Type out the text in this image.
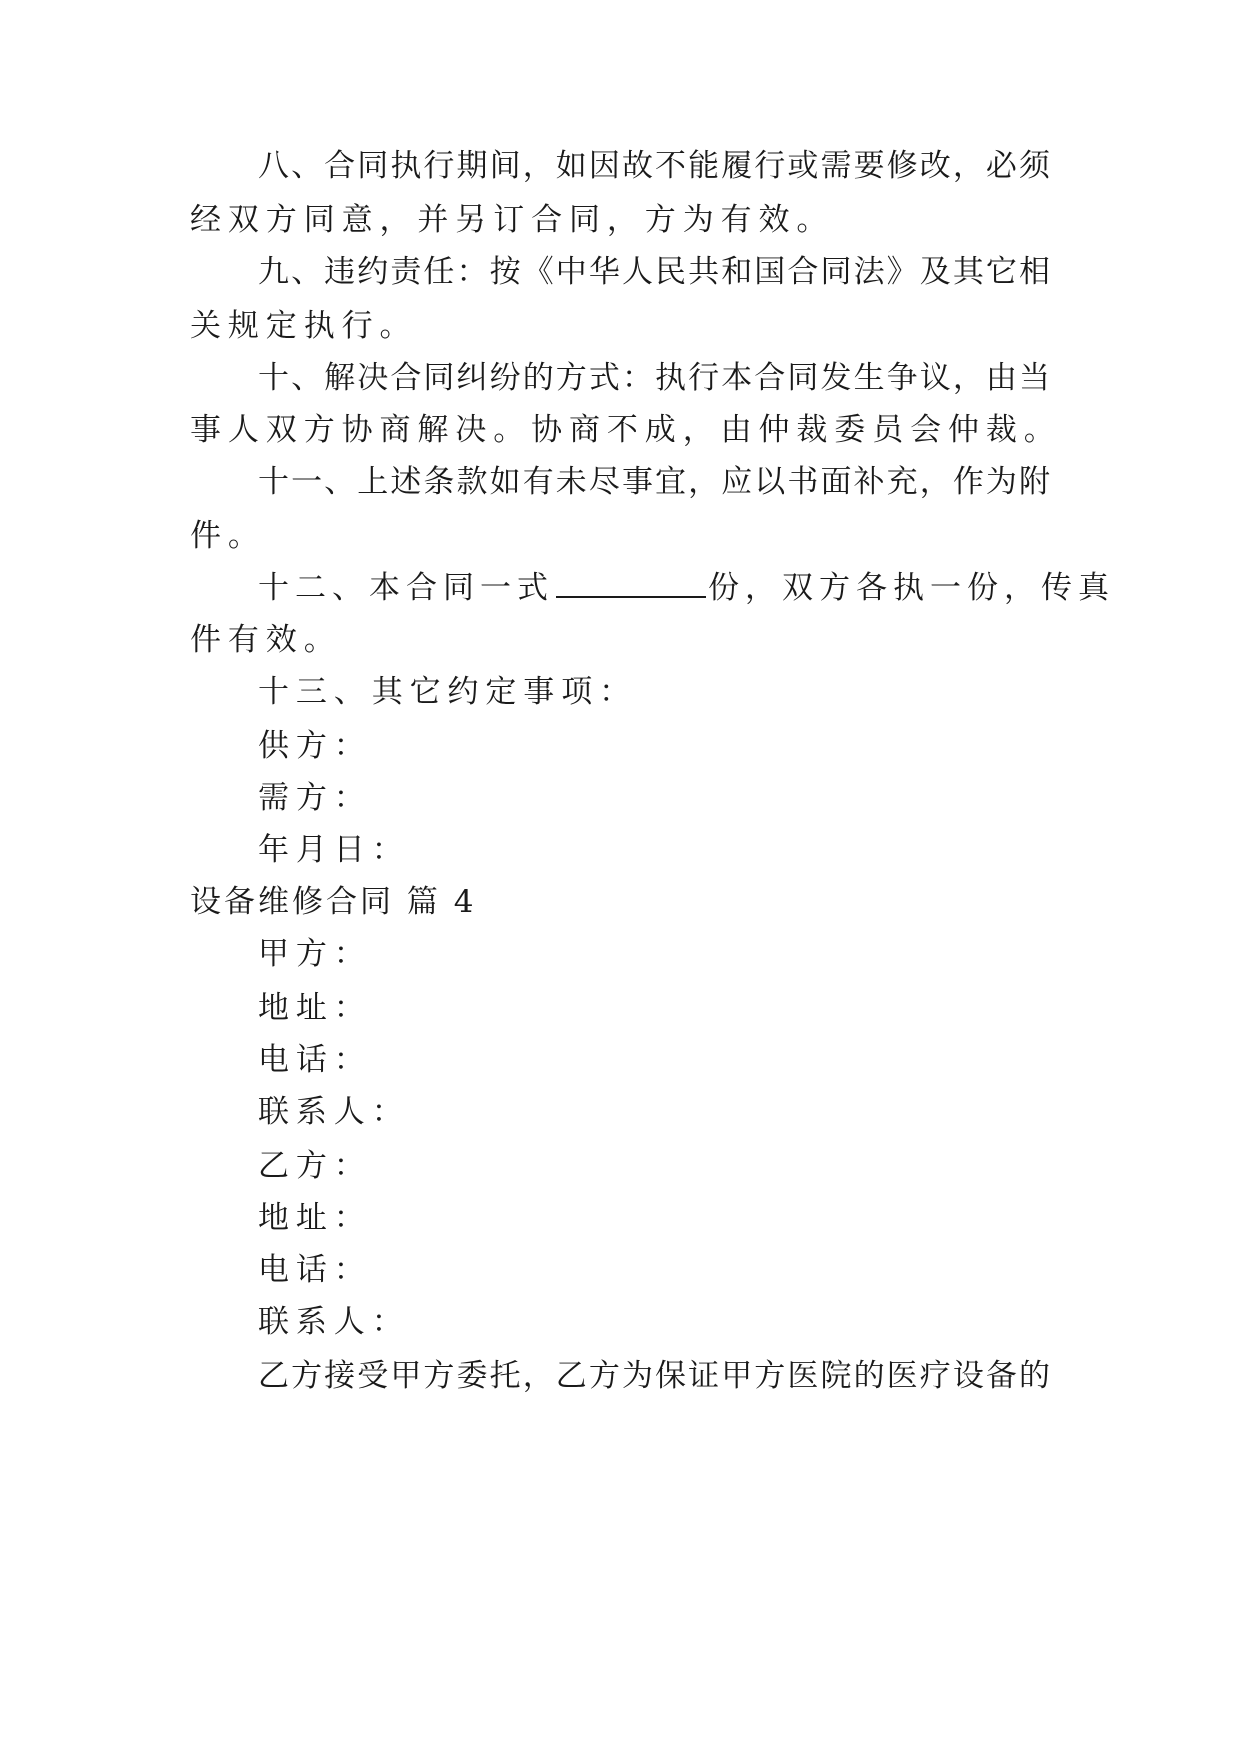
八、合同执行期间，如因故不能履行或需要修改，必须
经双方同意，并另订合同，方为有效。
九、违约责任：按《中华人民共和国合同法》及其它相
关规定执行。
十、解决合同纠纷的方式：执行本合同发生争议，由当
事人双方协商解决。协商不成，由仲裁委员会仲裁。
十一、上述条款如有未尽事宜，应以书面补充，作为附
件。
十二、本合同一式	份，双方各执一份，传真
件有效。
十三、其它约定事项：
供方：
需方：
年月日：
设备维修合同 篇 4
甲方：
地址：
电话：
联系人：
乙方：
地址：
电话：
联系人：
乙方接受甲方委托，乙方为保证甲方医院的医疗设备的
